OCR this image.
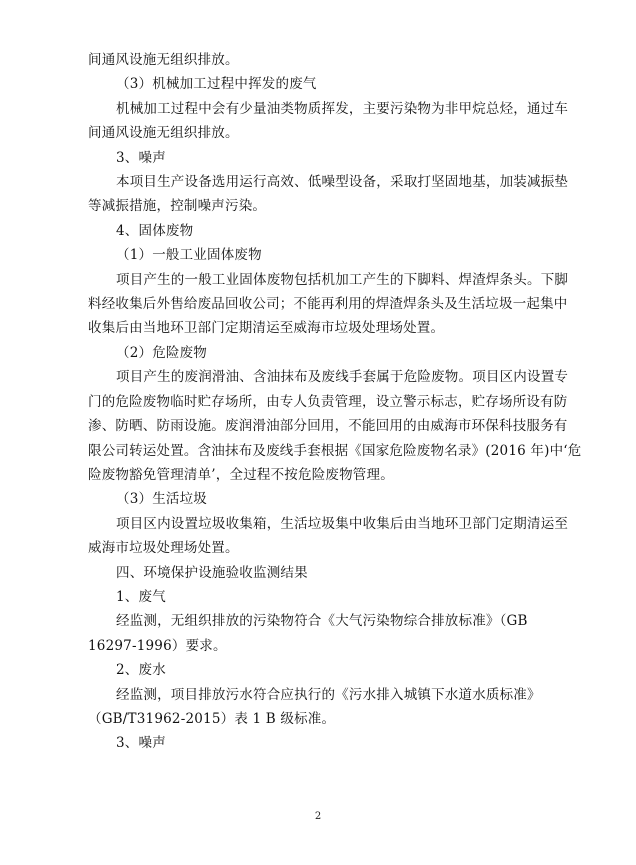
间通风设施无组织排放。

（3）机械加工过程中挥发的废气

机械加工过程中会有少量油类物质挥发，主要污染物为非甲烷总烃，通过车

间通风设施无组织排放。

3、噪声

本项目生产设备选用运行高效、低噪型设备，采取打坚固地基，加装减振垫

等减振措施，控制噪声污染。

4、固体废物

（1）一般工业固体废物

项目产生的一般工业固体废物包括机加工产生的下脚料、焊渣焊条头。下脚

料经收集后外售给废品回收公司；不能再利用的焊渣焊条头及生活垃圾一起集中

收集后由当地环卫部门定期清运至威海市垃圾处理场处置。

（2）危险废物

项目产生的废润滑油、含油抹布及废线手套属于危险废物。项目区内设置专

门的危险废物临时贮存场所，由专人负责管理，设立警示标志，贮存场所设有防

渗、防晒、防雨设施。废润滑油部分回用，不能回用的由威海市环保科技服务有

限公司转运处置。含油抹布及废线手套根据《国家危险废物名录》(2016 年)中‘危

险废物豁免管理清单’，全过程不按危险废物管理。

（3）生活垃圾

项目区内设置垃圾收集箱，生活垃圾集中收集后由当地环卫部门定期清运至

威海市垃圾处理场处置。

四、环境保护设施验收监测结果

1、废气

经监测，无组织排放的污染物符合《大气污染物综合排放标准》（GB

16297-1996）要求。

2、废水

经监测，项目排放污水符合应执行的《污水排入城镇下水道水质标准》

（GB/T31962-2015）表 1 B 级标准。

3、噪声

2
